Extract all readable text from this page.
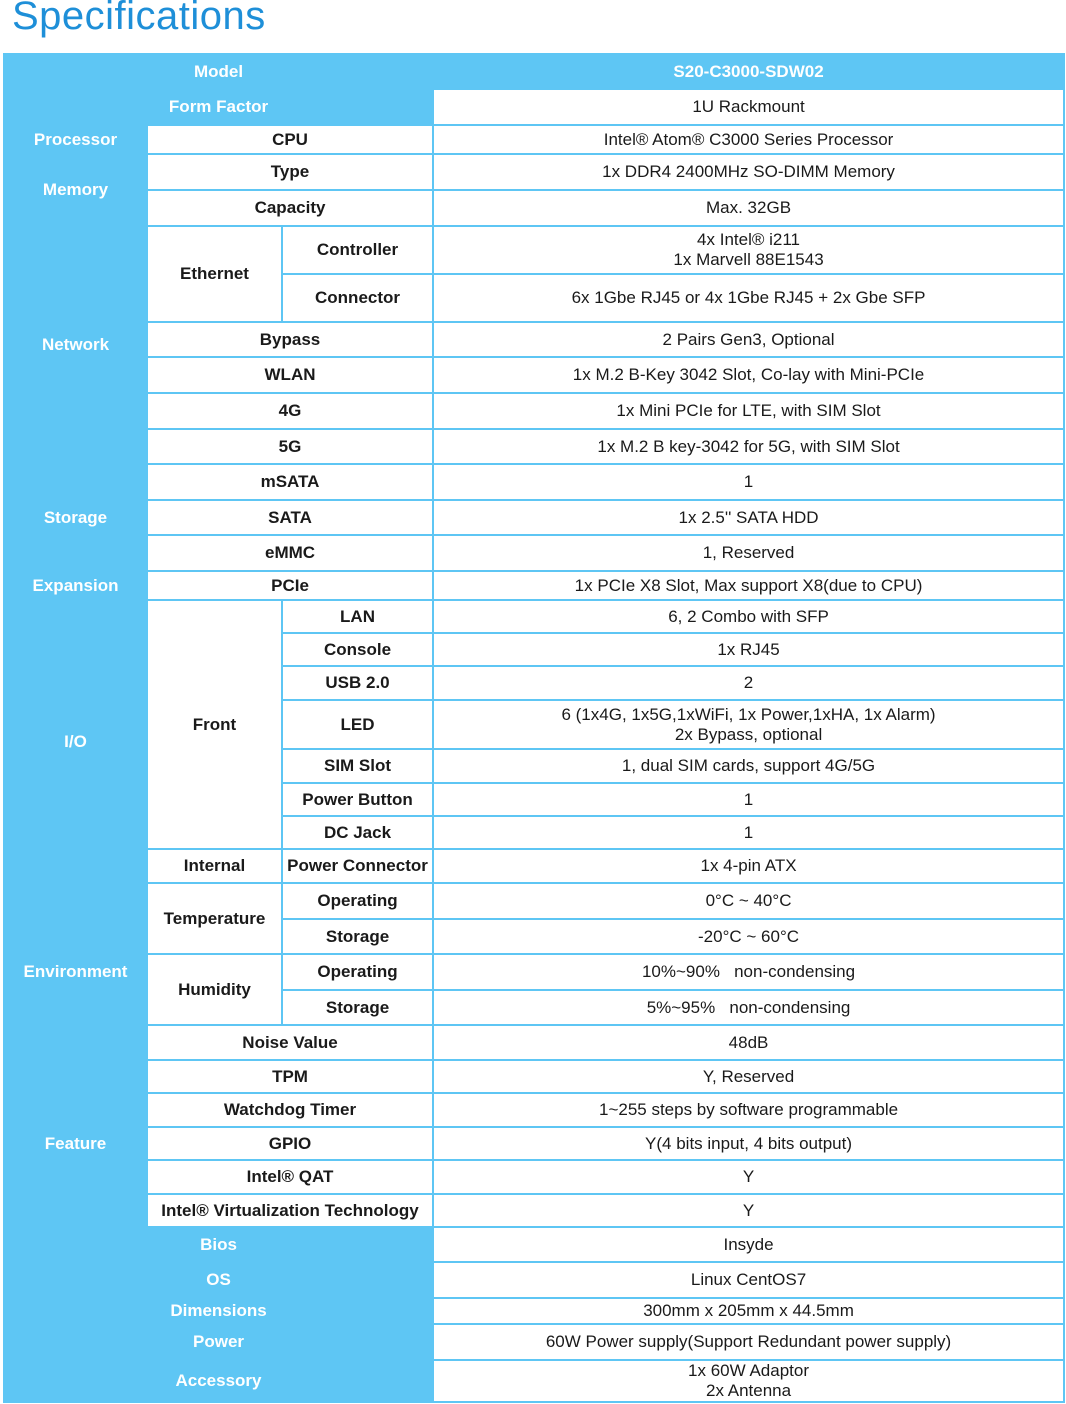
Specifications
Model			S20-C3000-SDW02
Form Factor			1U Rackmount
Processor	CPU		Intel® Atom® C3000 Series Processor
Memory	Type		1x DDR4 2400MHz SO-DIMM Memory
	Capacity		Max. 32GB
Network	Ethernet	Controller	4x Intel® i211
1x Marvell 88E1543

		Connector	6x 1Gbe RJ45 or 4x 1Gbe RJ45 + 2x Gbe SFP
	Bypass		2 Pairs Gen3, Optional
	WLAN		1x M.2 B-Key 3042 Slot, Co-lay with Mini-PCIe
	4G		1x Mini PCIe for LTE, with SIM Slot
	5G		1x M.2 B key-3042 for 5G, with SIM Slot
Storage	mSATA		1
	SATA		1x 2.5'' SATA HDD
	eMMC		1, Reserved
Expansion	PCIe		1x PCIe X8 Slot, Max support X8(due to CPU)
I/O	Front	LAN	6, 2 Combo with SFP
		Console	1x RJ45
		USB 2.0	2
		LED	6 (1x4G, 1x5G,1xWiFi, 1x Power,1xHA, 1x Alarm)
2x Bypass, optional

		SIM Slot	1, dual SIM cards, support 4G/5G
		Power Button	1
		DC Jack	1
	Internal	Power Connector	1x 4-pin ATX
Environment	Temperature	Operating	0°C ~ 40°C
		Storage	-20°C ~ 60°C
	Humidity	Operating	10%~90%   non-condensing
		Storage	5%~95%   non-condensing
	Noise Value		48dB
Feature	TPM		Y, Reserved
	Watchdog Timer		1~255 steps by software programmable
	GPIO		Y(4 bits input, 4 bits output)
	Intel® QAT		Y
	Intel® Virtualization Technology		Y
Bios			Insyde
OS			Linux CentOS7
Dimensions			300mm x 205mm x 44.5mm
Power			60W Power supply(Support Redundant power supply)
Accessory			1x 60W Adaptor
2x Antenna
